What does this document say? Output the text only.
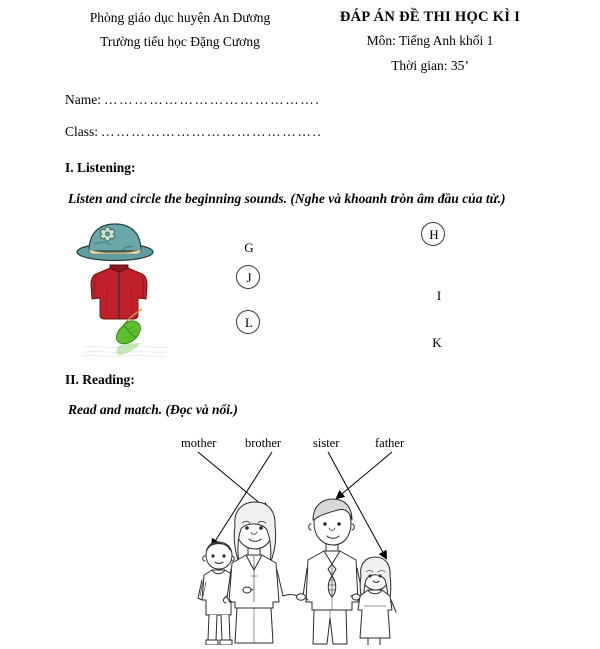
Phòng giáo dục huyện An Dương
Trường tiểu học Đặng Cương
ĐÁP ÁN ĐỀ THI HỌC KÌ I
Môn: Tiếng Anh khối 1
Thời gian: 35’
Name: …………………………………….
Class: ……………………………………..
I. Listening:
Listen and circle the beginning sounds. (Nghe và khoanh tròn âm đầu của từ.)
G
J
L
H
I
K
II. Reading:
Read and match. (Đọc và nối.)
mother brother	sister	father
